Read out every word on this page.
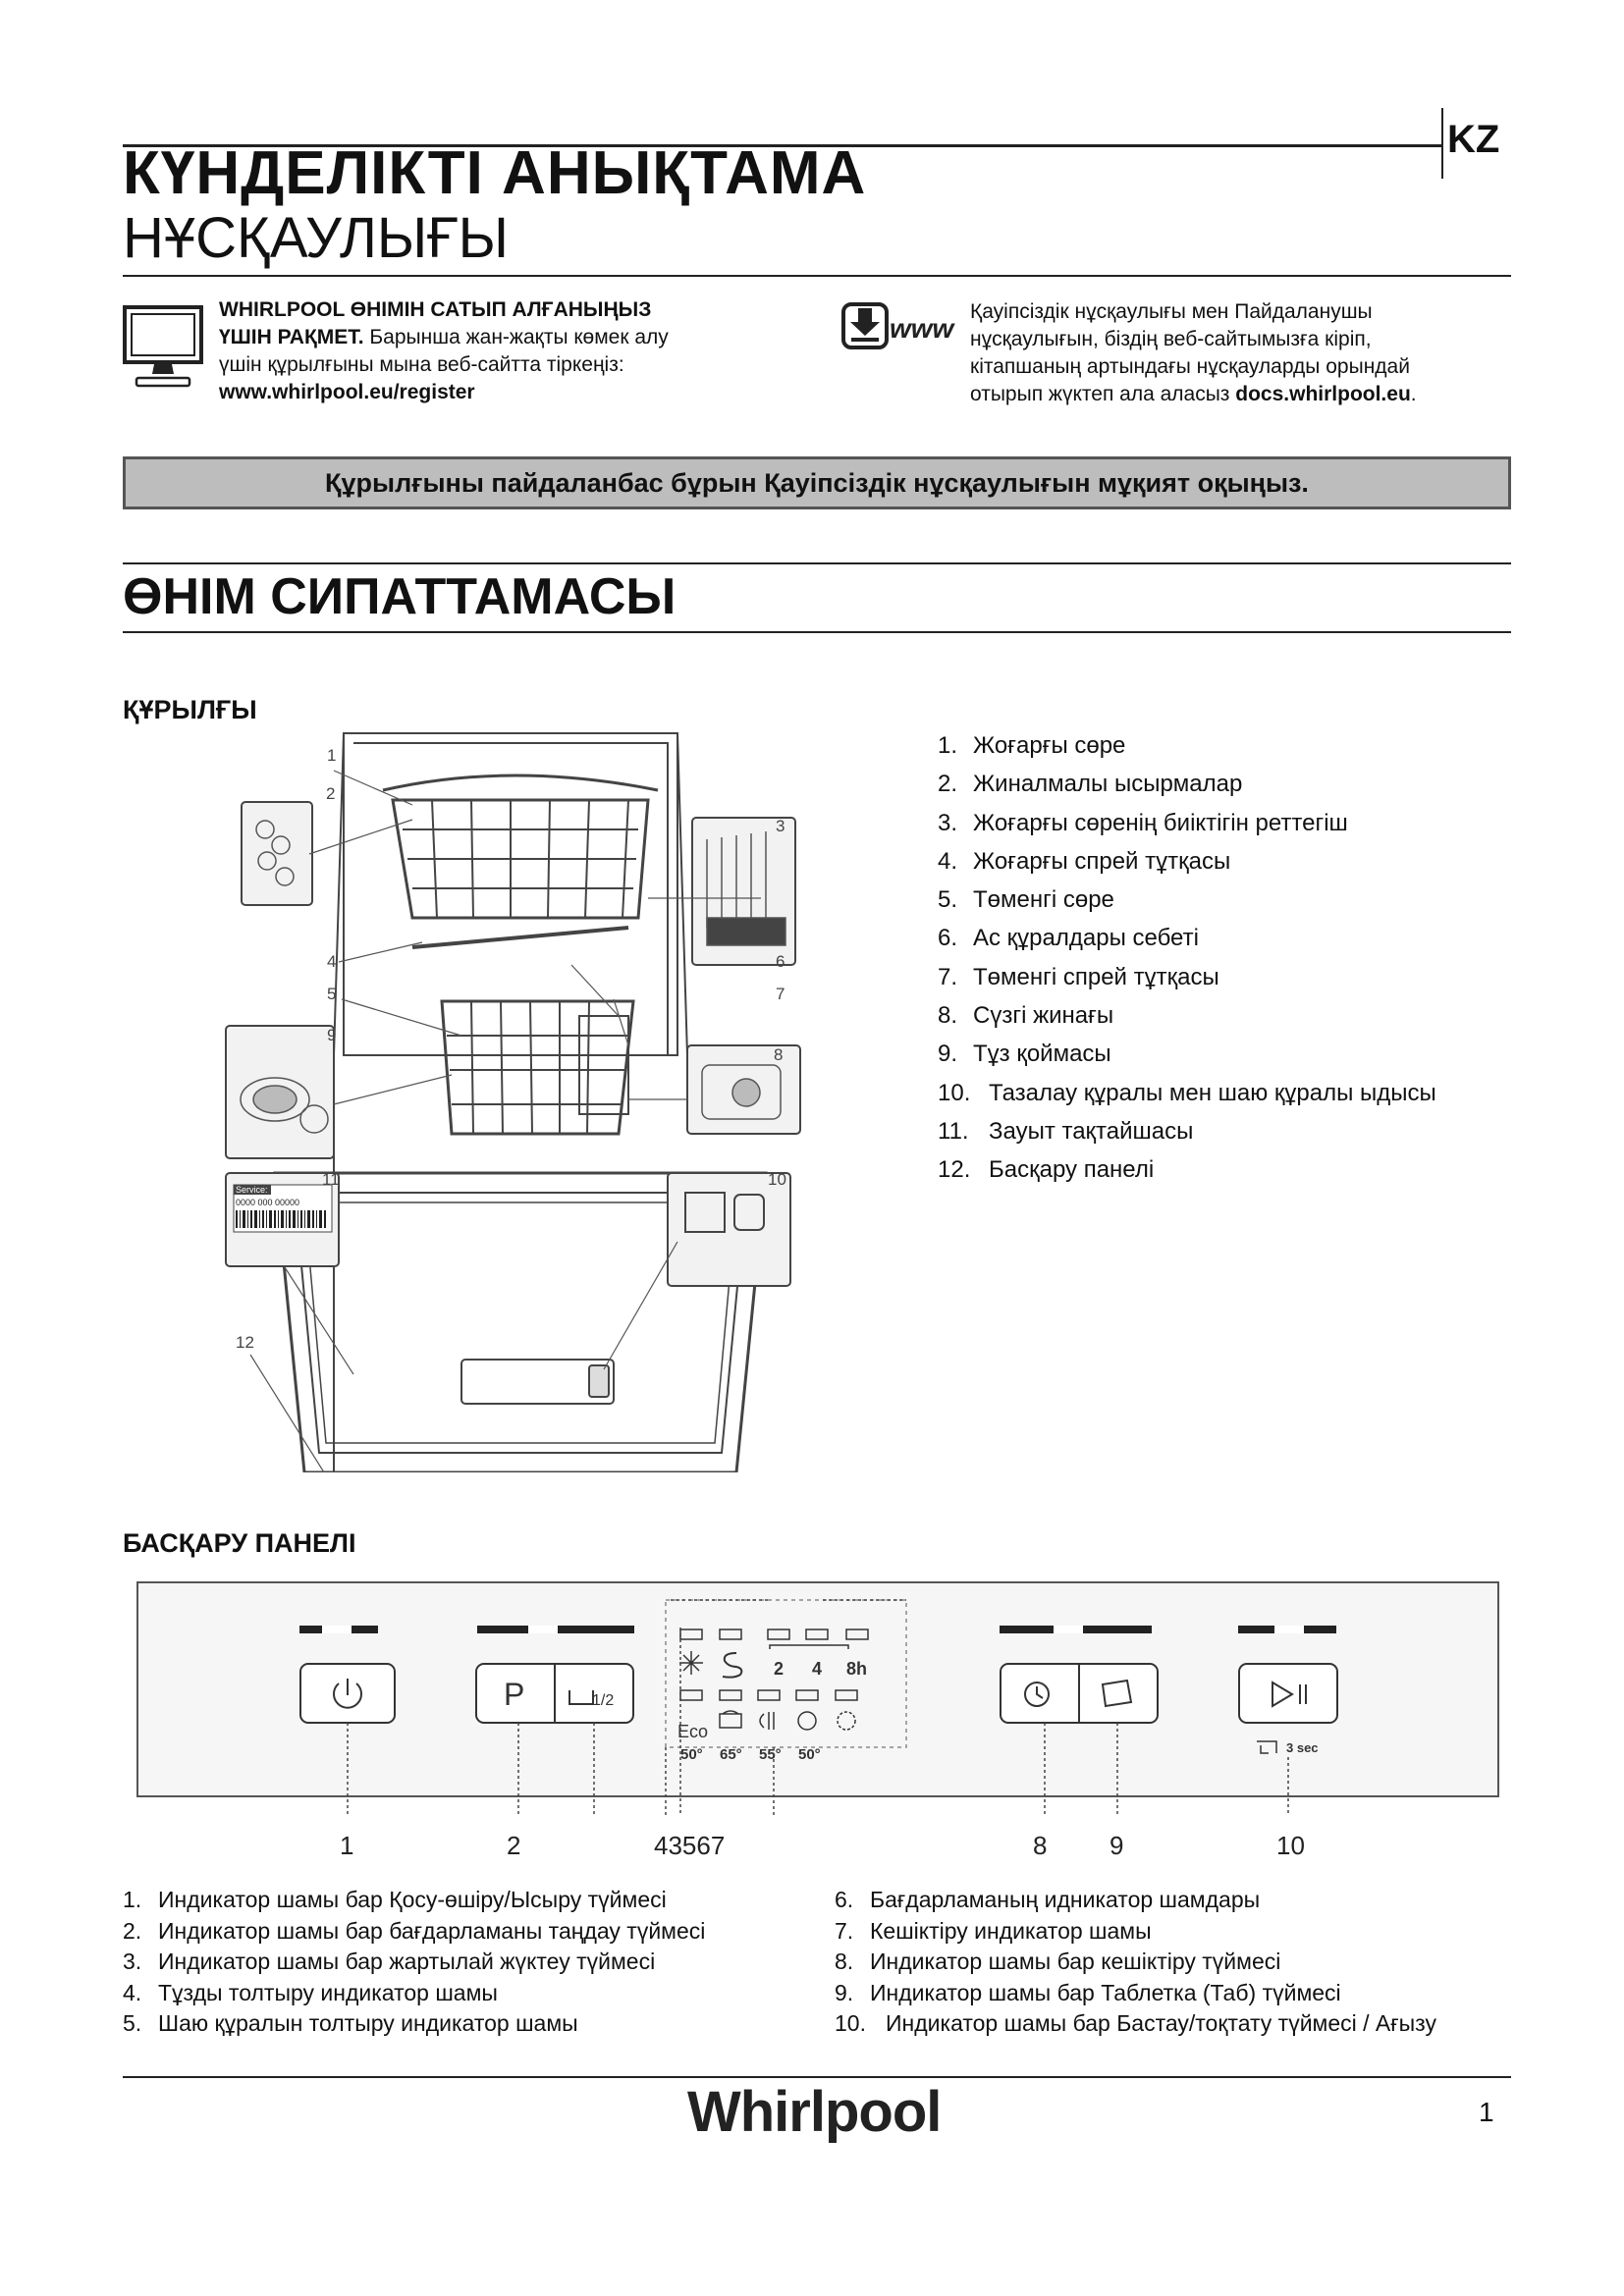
KZ
КҮНДЕЛІКТІ АНЫҚТАМА
НҰСҚАУЛЫҒЫ
WHIRLPOOL ӨНІМІН САТЫП АЛҒАНЫҢЫЗ
ҮШІН РАҚМЕТ. Барынша жан-жақты көмек алу
үшін құрылғыны мына веб-сайтта тіркеңіз:
www.whirlpool.eu/register
www
Қауіпсіздік нұсқаулығы мен Пайдаланушы
нұсқаулығын, біздің веб-сайтымызға кіріп,
кітапшаның артындағы нұсқауларды орындай
отырып жүктеп ала аласыз docs.whirlpool.eu.
Құрылғыны пайдаланбас бұрын Қауіпсіздік нұсқаулығын мұқият оқыңыз.
ӨНІМ СИПАТТАМАСЫ
ҚҰРЫЛҒЫ
Service:
0000 000 00000
1
2
3
4
5
6
7
8
9
10
11
12
1. Жоғарғы сөре
2. Жиналмалы ысырмалар
3. Жоғарғы сөренің биіктігін реттегіш
4. Жоғарғы спрей тұтқасы
5. Төменгі сөре
6. Ас құралдары себеті
7. Төменгі спрей тұтқасы
8. Сүзгі жинағы
9. Тұз қоймасы
10. Тазалау құралы мен шаю құралы ыдысы
11. Зауыт тақтайшасы
12. Басқару панелі
БАСҚАРУ ПАНЕЛІ
P	1/2
2 4 8h
Eco
50° 65° 55° 50°	3 sec
1	2	43567	8 9	10
1. Индикатор шамы бар Қосу-өшіру/Ысыру түймесі
2. Индикатор шамы бар бағдарламаны таңдау түймесі
3. Индикатор шамы бар жартылай жүктеу түймесі
4. Тұзды толтыру индикатор шамы
5. Шаю құралын толтыру индикатор шамы
6. Бағдарламаның идникатор шамдары
7. Кешіктіру индикатор шамы
8. Индикатор шамы бар кешіктіру түймесі
9. Индикатор шамы бар Таблетка (Таб) түймесі
10. Индикатор шамы бар Бастау/тоқтату түймесі / Ағызу
Whirlpool	1
